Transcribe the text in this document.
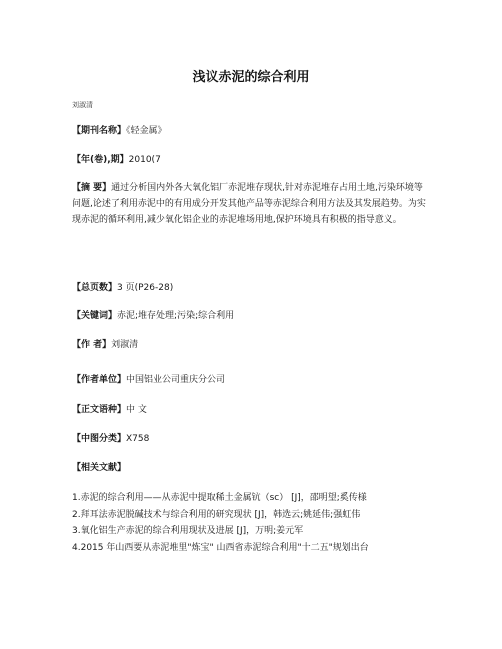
浅议赤泥的综合利用
刘淑清
【期刊名称】《轻金属》
【年(卷),期】2010(7
【摘 要】通过分析国内外各大氧化铝厂赤泥堆存现状,针对赤泥堆存占用土地,污染环境等问题,论述了利用赤泥中的有用成分开发其他产品等赤泥综合利用方法及其发展趋势。为实现赤泥的循环利用,减少氧化铝企业的赤泥堆场用地,保护环境具有积极的指导意义。
【总页数】3 页(P26-28)
【关键词】赤泥;堆存处理;污染;综合利用
【作 者】刘淑清
【作者单位】中国铝业公司重庆分公司
【正文语种】中 文
【中图分类】X758
【相关文献】
1.赤泥的综合利用——从赤泥中提取稀土金属钪（sc） [J]，邵明望;奚传様
2.拜耳法赤泥脱碱技术与综合利用的研究现状 [J]，韩选云;姚延伟;强虹伟
3.氧化铝生产赤泥的综合利用现状及进展 [J]，万明;姜元军
4.2015 年山西要从赤泥堆里"炼宝" 山西省赤泥综合利用"十二五"规划出台
